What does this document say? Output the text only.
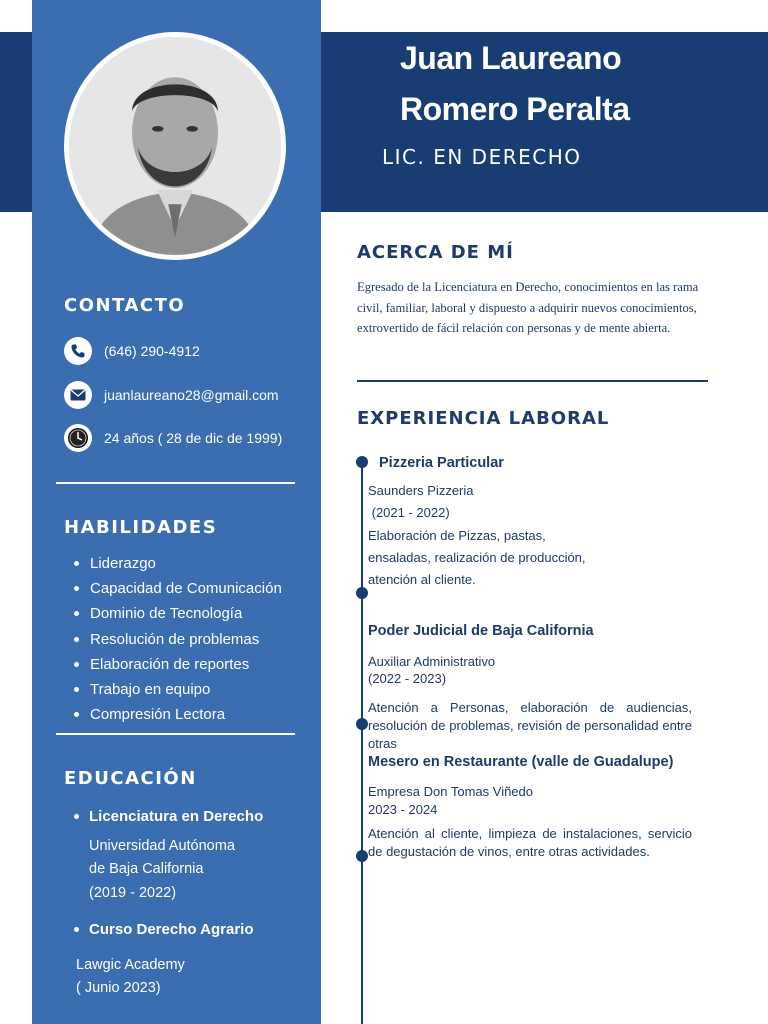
Juan Laureano
Romero Peralta
LIC. EN DERECHO
CONTACTO
(646) 290-4912
juanlaureano28@gmail.com
24 años ( 28 de dic de 1999)
HABILIDADES
Liderazgo
Capacidad de Comunicación
Dominio de Tecnología
Resolución de problemas
Elaboración de reportes
Trabajo en equipo
Compresión Lectora
EDUCACIÓN
Licenciatura en Derecho
Universidad Autónoma
de Baja California
(2019 - 2022)
Curso Derecho Agrario
Lawgic Academy
( Junio 2023)
ACERCA DE MÍ
Egresado de la Licenciatura en Derecho, conocimientos en las rama civil, familiar, laboral y dispuesto a adquirir nuevos conocimientos, extrovertido de fácil relación con personas y de mente abierta.
EXPERIENCIA LABORAL
Pizzeria Particular
Saunders Pizzeria
(2021 - 2022)
Elaboración de Pizzas, pastas,
ensaladas, realización de producción,
atención al cliente.
Poder Judicial de Baja California
Auxiliar Administrativo
(2022 - 2023)
Atención a Personas, elaboración de audiencias, resolución de problemas, revisión de personalidad entre otras
Mesero en Restaurante (valle de Guadalupe)
Empresa Don Tomas Viñedo
2023 - 2024
Atención al cliente, limpieza de instalaciones, servicio de degustación de vinos, entre otras actividades.
